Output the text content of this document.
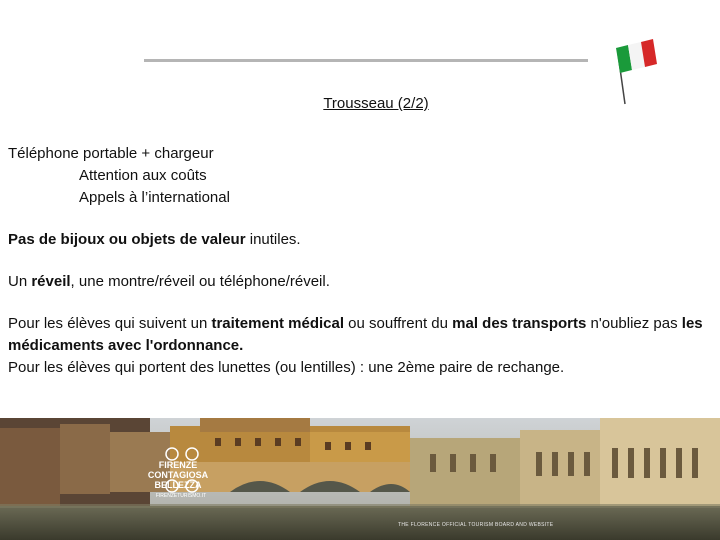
Trousseau (2/2)

Téléphone portable + chargeur

Attention aux coûts

Appels à l’international

Pas de bijoux ou objets de valeur inutiles.

Un réveil, une montre/réveil ou téléphone/réveil.

Pour les élèves qui suivent un traitement médical ou souffrent du mal des transports n'oubliez pas les médicaments avec l'ordonnance.

Pour les élèves qui portent des lunettes (ou lentilles) : une 2ème paire de rechange.

FIRENZE
CONTAGIOSA
BELLEZZA
FIRENZETURISMO.IT
THE FLORENCE OFFICIAL TOURISM BOARD AND WEBSITE
